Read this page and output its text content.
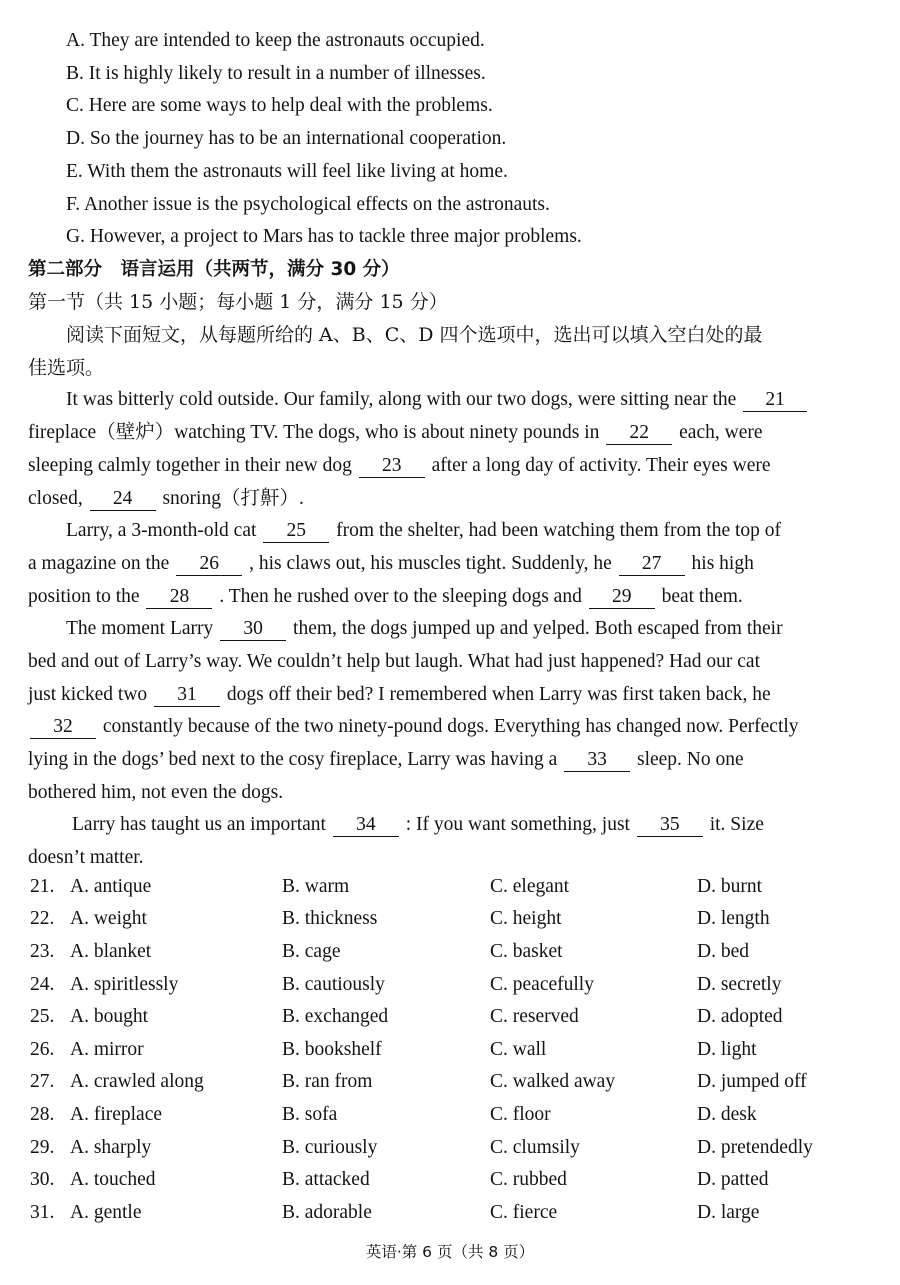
A. They are intended to keep the astronauts occupied.
B. It is highly likely to result in a number of illnesses.
C. Here are some ways to help deal with the problems.
D. So the journey has to be an international cooperation.
E. With them the astronauts will feel like living at home.
F. Another issue is the psychological effects on the astronauts.
G. However, a project to Mars has to tackle three major problems.
第二部分　语言运用（共两节，满分 30 分）
第一节（共 15 小题；每小题 1 分，满分 15 分）
阅读下面短文，从每题所给的 A、B、C、D 四个选项中，选出可以填入空白处的最
佳选项。
It was bitterly cold outside. Our family, along with our two dogs, were sitting near the 21
fireplace（壁炉）watching TV. The dogs, who is about ninety pounds in 22 each, were
sleeping calmly together in their new dog 23 after a long day of activity. Their eyes were
closed, 24 snoring（打鼾）.
Larry, a 3-month-old cat 25 from the shelter, had been watching them from the top of
a magazine on the 26 , his claws out, his muscles tight. Suddenly, he 27 his high
position to the 28 . Then he rushed over to the sleeping dogs and 29 beat them.
The moment Larry 30 them, the dogs jumped up and yelped. Both escaped from their
bed and out of Larry’s way. We couldn’t help but laugh. What had just happened? Had our cat
just kicked two 31 dogs off their bed? I remembered when Larry was first taken back, he
32 constantly because of the two ninety-pound dogs. Everything has changed now. Perfectly
lying in the dogs’ bed next to the cosy fireplace, Larry was having a 33 sleep. No one
bothered him, not even the dogs.
Larry has taught us an important 34 : If you want something, just 35 it. Size
doesn’t matter.
21. A. antique	B. warm	C. elegant	D. burnt
22. A. weight	B. thickness	C. height	D. length
23. A. blanket	B. cage	C. basket	D. bed
24. A. spiritlessly	B. cautiously	C. peacefully	D. secretly
25. A. bought	B. exchanged	C. reserved	D. adopted
26. A. mirror	B. bookshelf	C. wall	D. light
27. A. crawled along	B. ran from	C. walked away	D. jumped off
28. A. fireplace	B. sofa	C. floor	D. desk
29. A. sharply	B. curiously	C. clumsily	D. pretendedly
30. A. touched	B. attacked	C. rubbed	D. patted
31. A. gentle	B. adorable	C. fierce	D. large
英语·第 6 页（共 8 页）
